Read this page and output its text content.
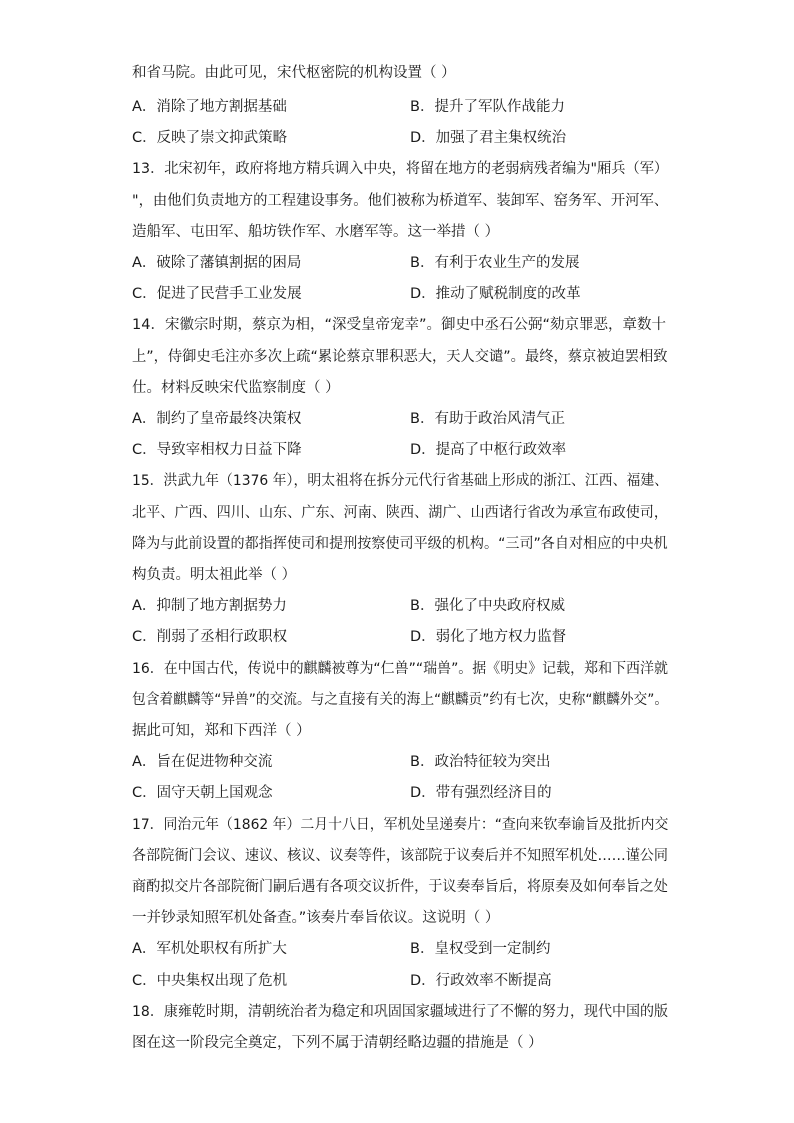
和省马院。由此可见，宋代枢密院的机构设置（ ）
A．消除了地方割据基础	B．提升了军队作战能力
C．反映了崇文抑武策略	D．加强了君主集权统治
13．北宋初年，政府将地方精兵调入中央，将留在地方的老弱病残者编为"厢兵（军）
"，由他们负责地方的工程建设事务。他们被称为桥道军、装卸军、窑务军、开河军、
造船军、屯田军、船坊铁作军、水磨军等。这一举措（ ）
A．破除了藩镇割据的困局	B．有利于农业生产的发展
C．促进了民营手工业发展	D．推动了赋税制度的改革
14．宋徽宗时期，蔡京为相，“深受皇帝宠幸”。御史中丞石公弼“劾京罪恶，章数十
上”，侍御史毛注亦多次上疏“累论蔡京罪积恶大，天人交谴”。最终，蔡京被迫罢相致
仕。材料反映宋代监察制度（ ）
A．制约了皇帝最终决策权	B．有助于政治风清气正
C．导致宰相权力日益下降	D．提高了中枢行政效率
15．洪武九年（1376 年），明太祖将在拆分元代行省基础上形成的浙江、江西、福建、
北平、广西、四川、山东、广东、河南、陕西、湖广、山西诸行省改为承宣布政使司，
降为与此前设置的都指挥使司和提刑按察使司平级的机构。“三司”各自对相应的中央机
构负责。明太祖此举（ ）
A．抑制了地方割据势力	B．强化了中央政府权威
C．削弱了丞相行政职权	D．弱化了地方权力监督
16．在中国古代，传说中的麒麟被尊为“仁兽”“瑞兽”。据《明史》记载，郑和下西洋就
包含着麒麟等“异兽”的交流。与之直接有关的海上“麒麟贡”约有七次，史称“麒麟外交”。
据此可知，郑和下西洋（ ）
A．旨在促进物种交流	B．政治特征较为突出
C．固守天朝上国观念	D．带有强烈经济目的
17．同治元年（1862 年）二月十八日，军机处呈递奏片：“查向来钦奉谕旨及批折内交
各部院衙门会议、速议、核议、议奏等件，该部院于议奏后并不知照军机处……谨公同
商酌拟交片各部院衙门嗣后遇有各项交议折件，于议奏奉旨后，将原奏及如何奉旨之处
一并钞录知照军机处备查。”该奏片奉旨依议。这说明（ ）
A．军机处职权有所扩大	B．皇权受到一定制约
C．中央集权出现了危机	D．行政效率不断提高
18．康雍乾时期，清朝统治者为稳定和巩固国家疆域进行了不懈的努力，现代中国的版
图在这一阶段完全奠定，下列不属于清朝经略边疆的措施是（ ）
